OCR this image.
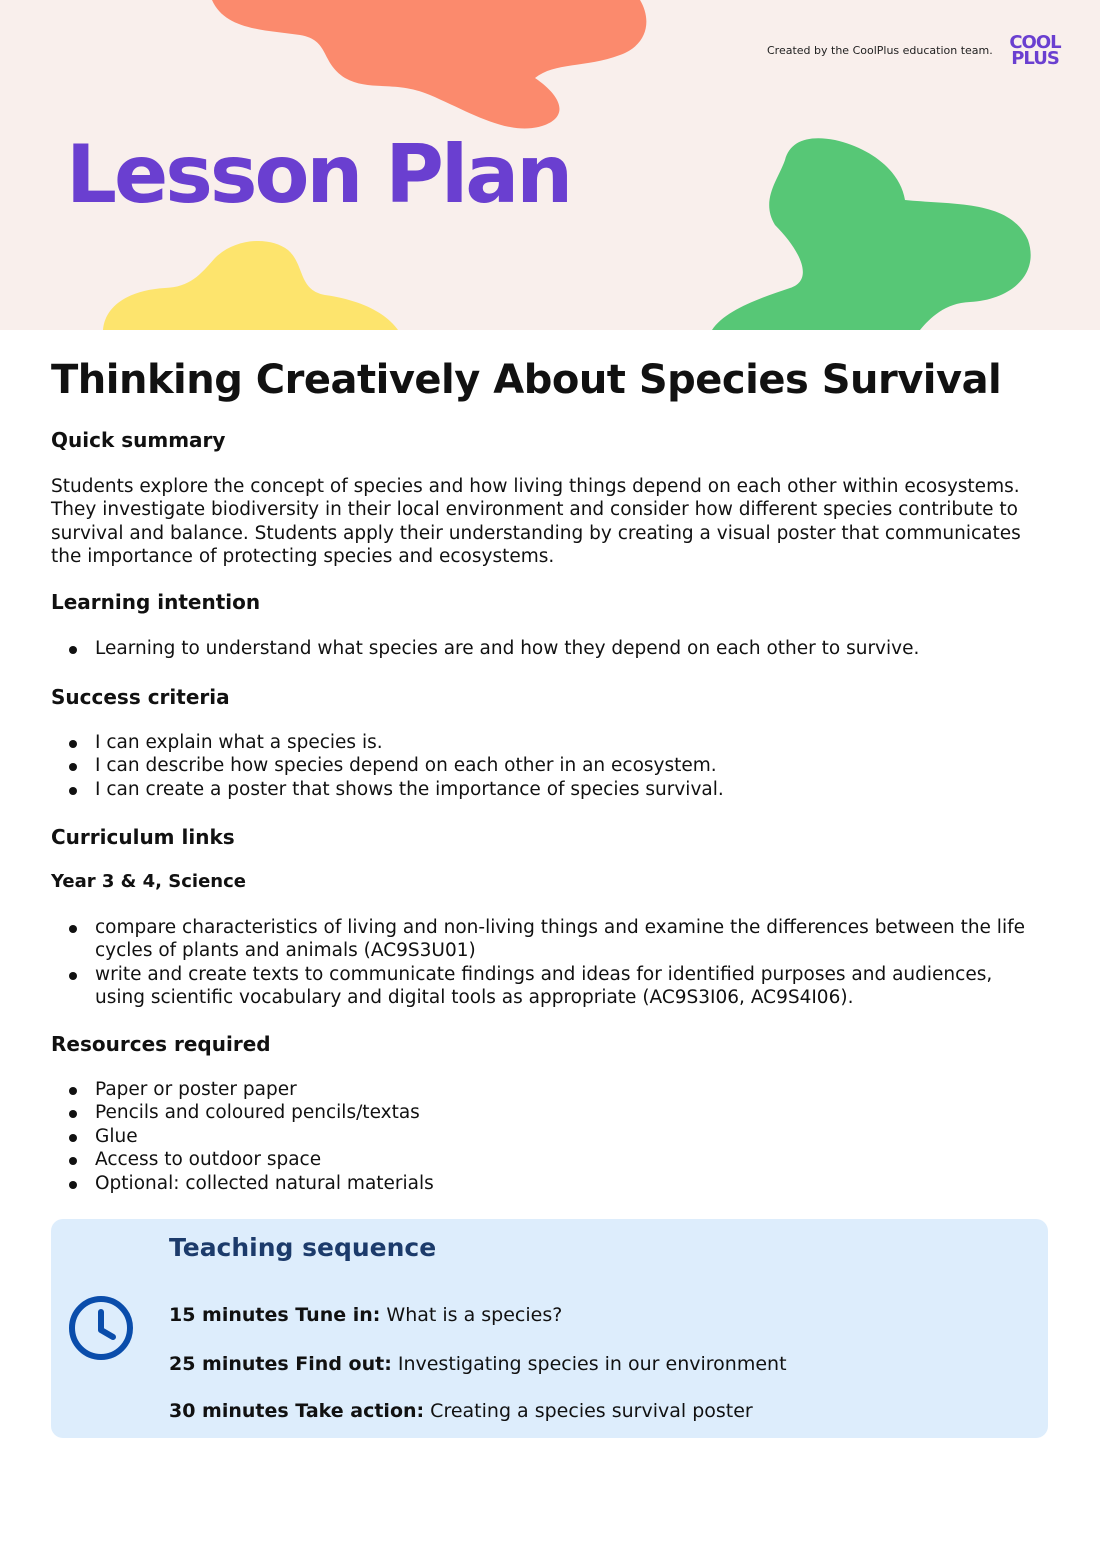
Created by the CoolPlus education team. COOL
PLUS
Lesson Plan
Thinking Creatively About Species Survival
Quick summary

Students explore the concept of species and how living things depend on each other within ecosystems.

They investigate biodiversity in their local environment and consider how different species contribute to

survival and balance. Students apply their understanding by creating a visual poster that communicates

the importance of protecting species and ecosystems.

Learning intention
Learning to understand what species are and how they depend on each other to survive.
Success criteria
I can explain what a species is.
I can describe how species depend on each other in an ecosystem.
I can create a poster that shows the importance of species survival.
Curriculum links
Year 3 & 4, Science
compare characteristics of living and non-living things and examine the differences between the life
cycles of plants and animals (AC9S3U01)
write and create texts to communicate findings and ideas for identified purposes and audiences,
using scientific vocabulary and digital tools as appropriate (AC9S3I06, AC9S4I06).
Resources required
Paper or poster paper
Pencils and coloured pencils/textas
Glue
Access to outdoor space
Optional: collected natural materials
Teaching sequence
15 minutes Tune in: What is a species?
25 minutes Find out: Investigating species in our environment
30 minutes Take action: Creating a species survival poster
